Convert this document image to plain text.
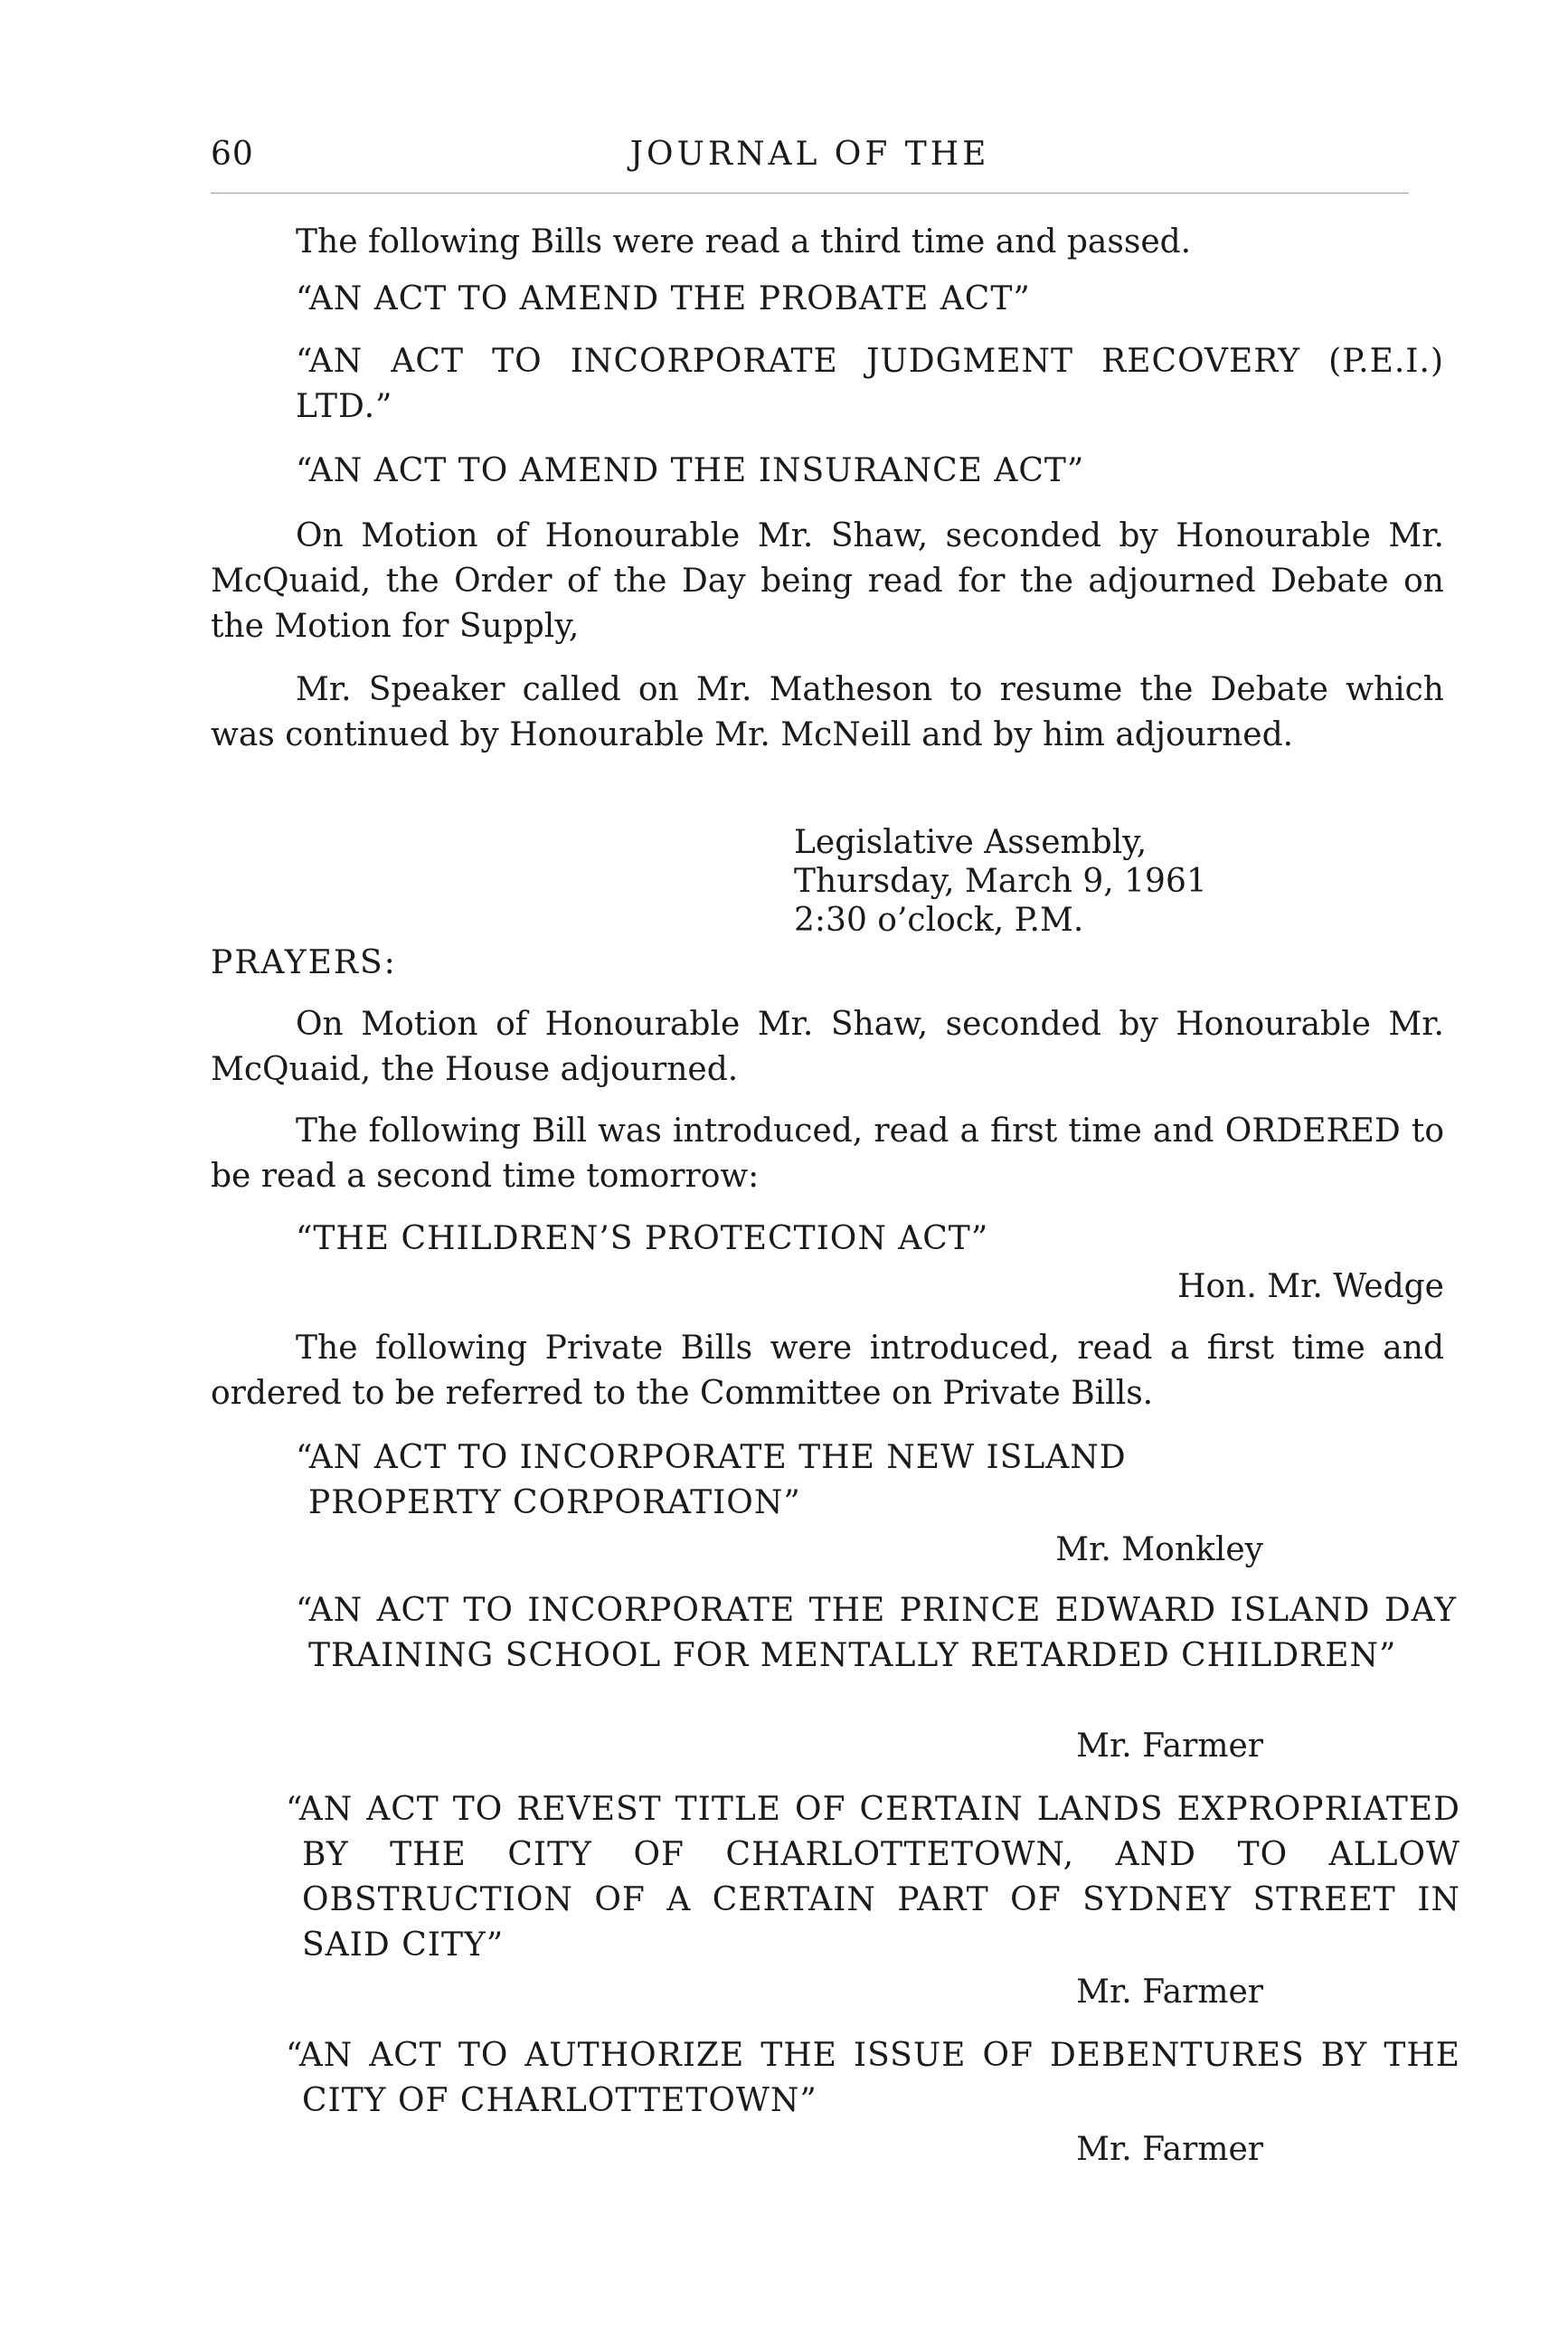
60	JOURNAL OF THE
The following Bills were read a third time and passed.
“AN ACT TO AMEND THE PROBATE ACT”
“AN ACT TO INCORPORATE JUDGMENT RECOVERY (P.E.I.) LTD.”
“AN ACT TO AMEND THE INSURANCE ACT”
On Motion of Honourable Mr. Shaw, seconded by Honourable Mr. McQuaid, the Order of the Day being read for the adjourned Debate on the Motion for Supply,
Mr. Speaker called on Mr. Matheson to resume the Debate which was continued by Honourable Mr. McNeill and by him adjourned.
Legislative Assembly,
Thursday, March 9, 1961
2:30 o’clock, P.M.
PRAYERS:
On Motion of Honourable Mr. Shaw, seconded by Honourable Mr. McQuaid, the House adjourned.
The following Bill was introduced, read a first time and ORDERED to be read a second time tomorrow:
“THE CHILDREN’S PROTECTION ACT”
Hon. Mr. Wedge
The following Private Bills were introduced, read a first time and ordered to be referred to the Committee on Private Bills.
“AN ACT TO INCORPORATE THE NEW ISLAND PROPERTY CORPORATION”
Mr. Monkley
“AN ACT TO INCORPORATE THE PRINCE EDWARD ISLAND DAY TRAINING SCHOOL FOR MENTALLY RETARDED CHILDREN”
Mr. Farmer
“AN ACT TO REVEST TITLE OF CERTAIN LANDS EXPROPRIATED BY THE CITY OF CHARLOTTETOWN, AND TO ALLOW OBSTRUCTION OF A CERTAIN PART OF SYDNEY STREET IN SAID CITY”
Mr. Farmer
“AN ACT TO AUTHORIZE THE ISSUE OF DEBENTURES BY THE CITY OF CHARLOTTETOWN”
Mr. Farmer
